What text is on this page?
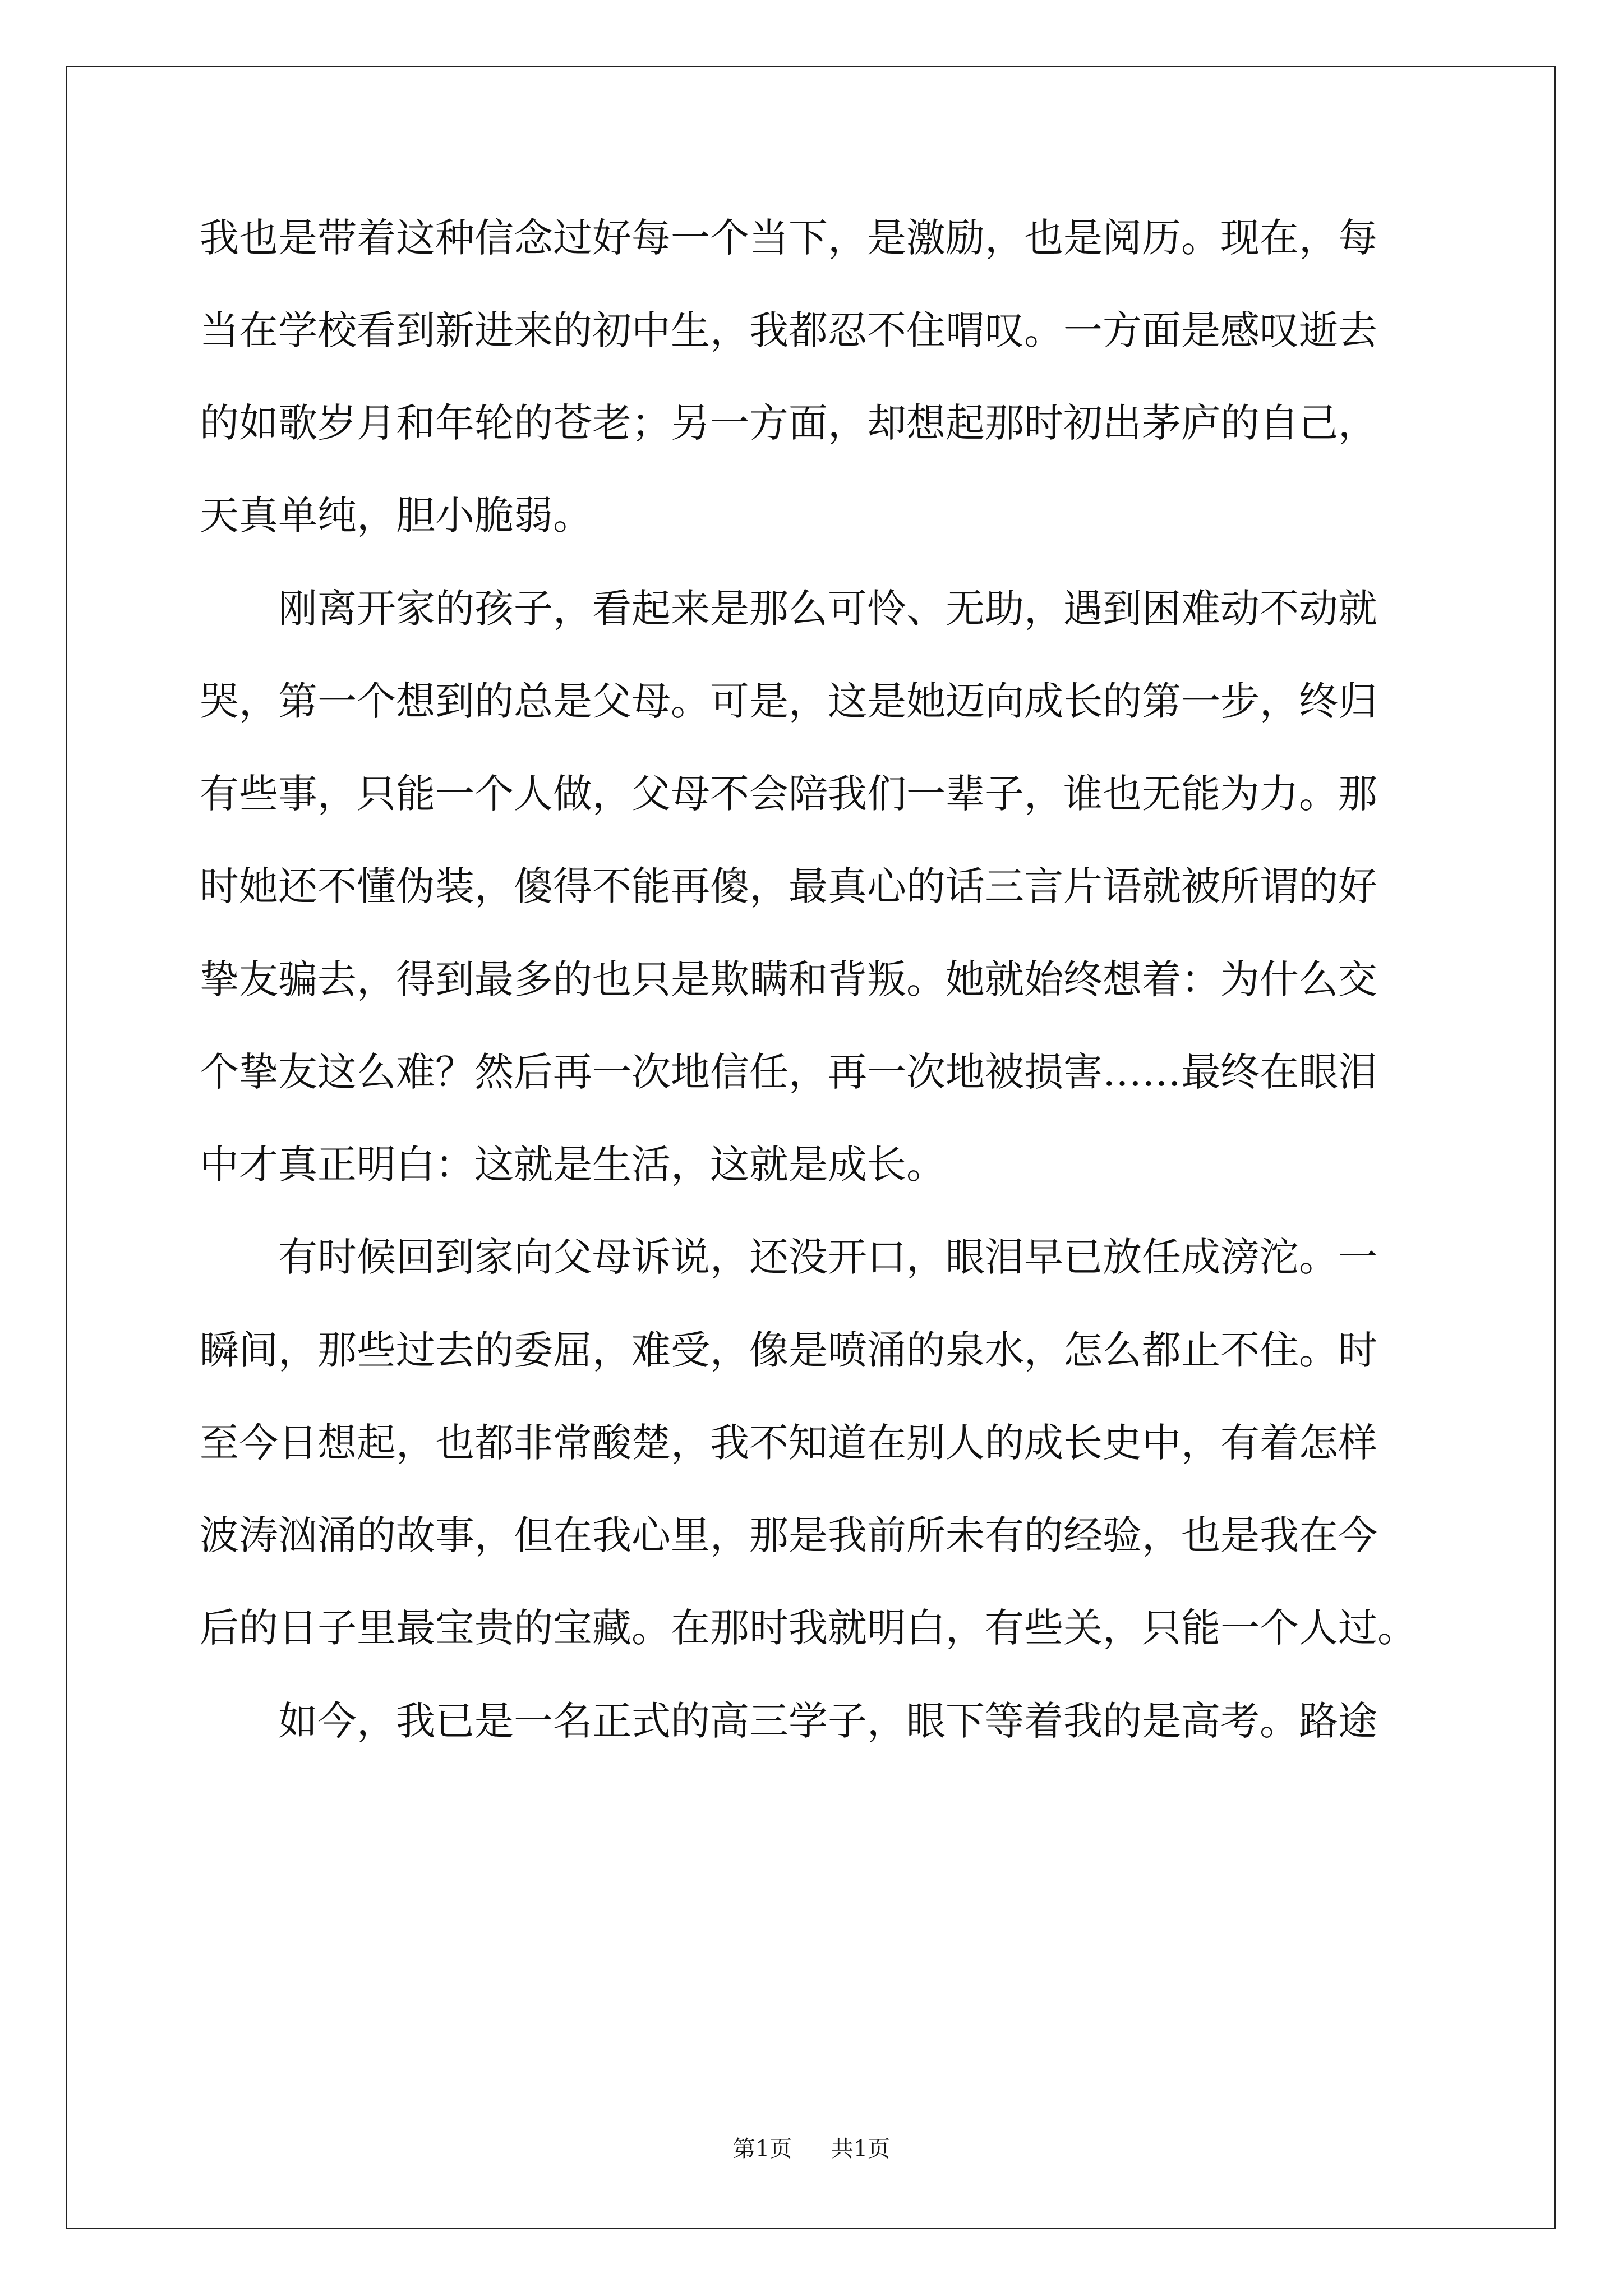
我也是带着这种信念过好每一个当下，是激励，也是阅历。现在，每
当在学校看到新进来的初中生，我都忍不住喟叹。一方面是感叹逝去
的如歌岁月和年轮的苍老；另一方面，却想起那时初出茅庐的自己，
天真单纯，胆小脆弱。
　　刚离开家的孩子，看起来是那么可怜、无助，遇到困难动不动就
哭，第一个想到的总是父母。可是，这是她迈向成长的第一步，终归
有些事，只能一个人做，父母不会陪我们一辈子，谁也无能为力。那
时她还不懂伪装，傻得不能再傻，最真心的话三言片语就被所谓的好
挚友骗去，得到最多的也只是欺瞒和背叛。她就始终想着：为什么交
个挚友这么难？然后再一次地信任，再一次地被损害……最终在眼泪
中才真正明白：这就是生活，这就是成长。
　　有时候回到家向父母诉说，还没开口，眼泪早已放任成滂沱。一
瞬间，那些过去的委屈，难受，像是喷涌的泉水，怎么都止不住。时
至今日想起，也都非常酸楚，我不知道在别人的成长史中，有着怎样
波涛汹涌的故事，但在我心里，那是我前所未有的经验，也是我在今
后的日子里最宝贵的宝藏。在那时我就明白，有些关，只能一个人过。
　　如今，我已是一名正式的高三学子，眼下等着我的是高考。路途
第1页 共1页
